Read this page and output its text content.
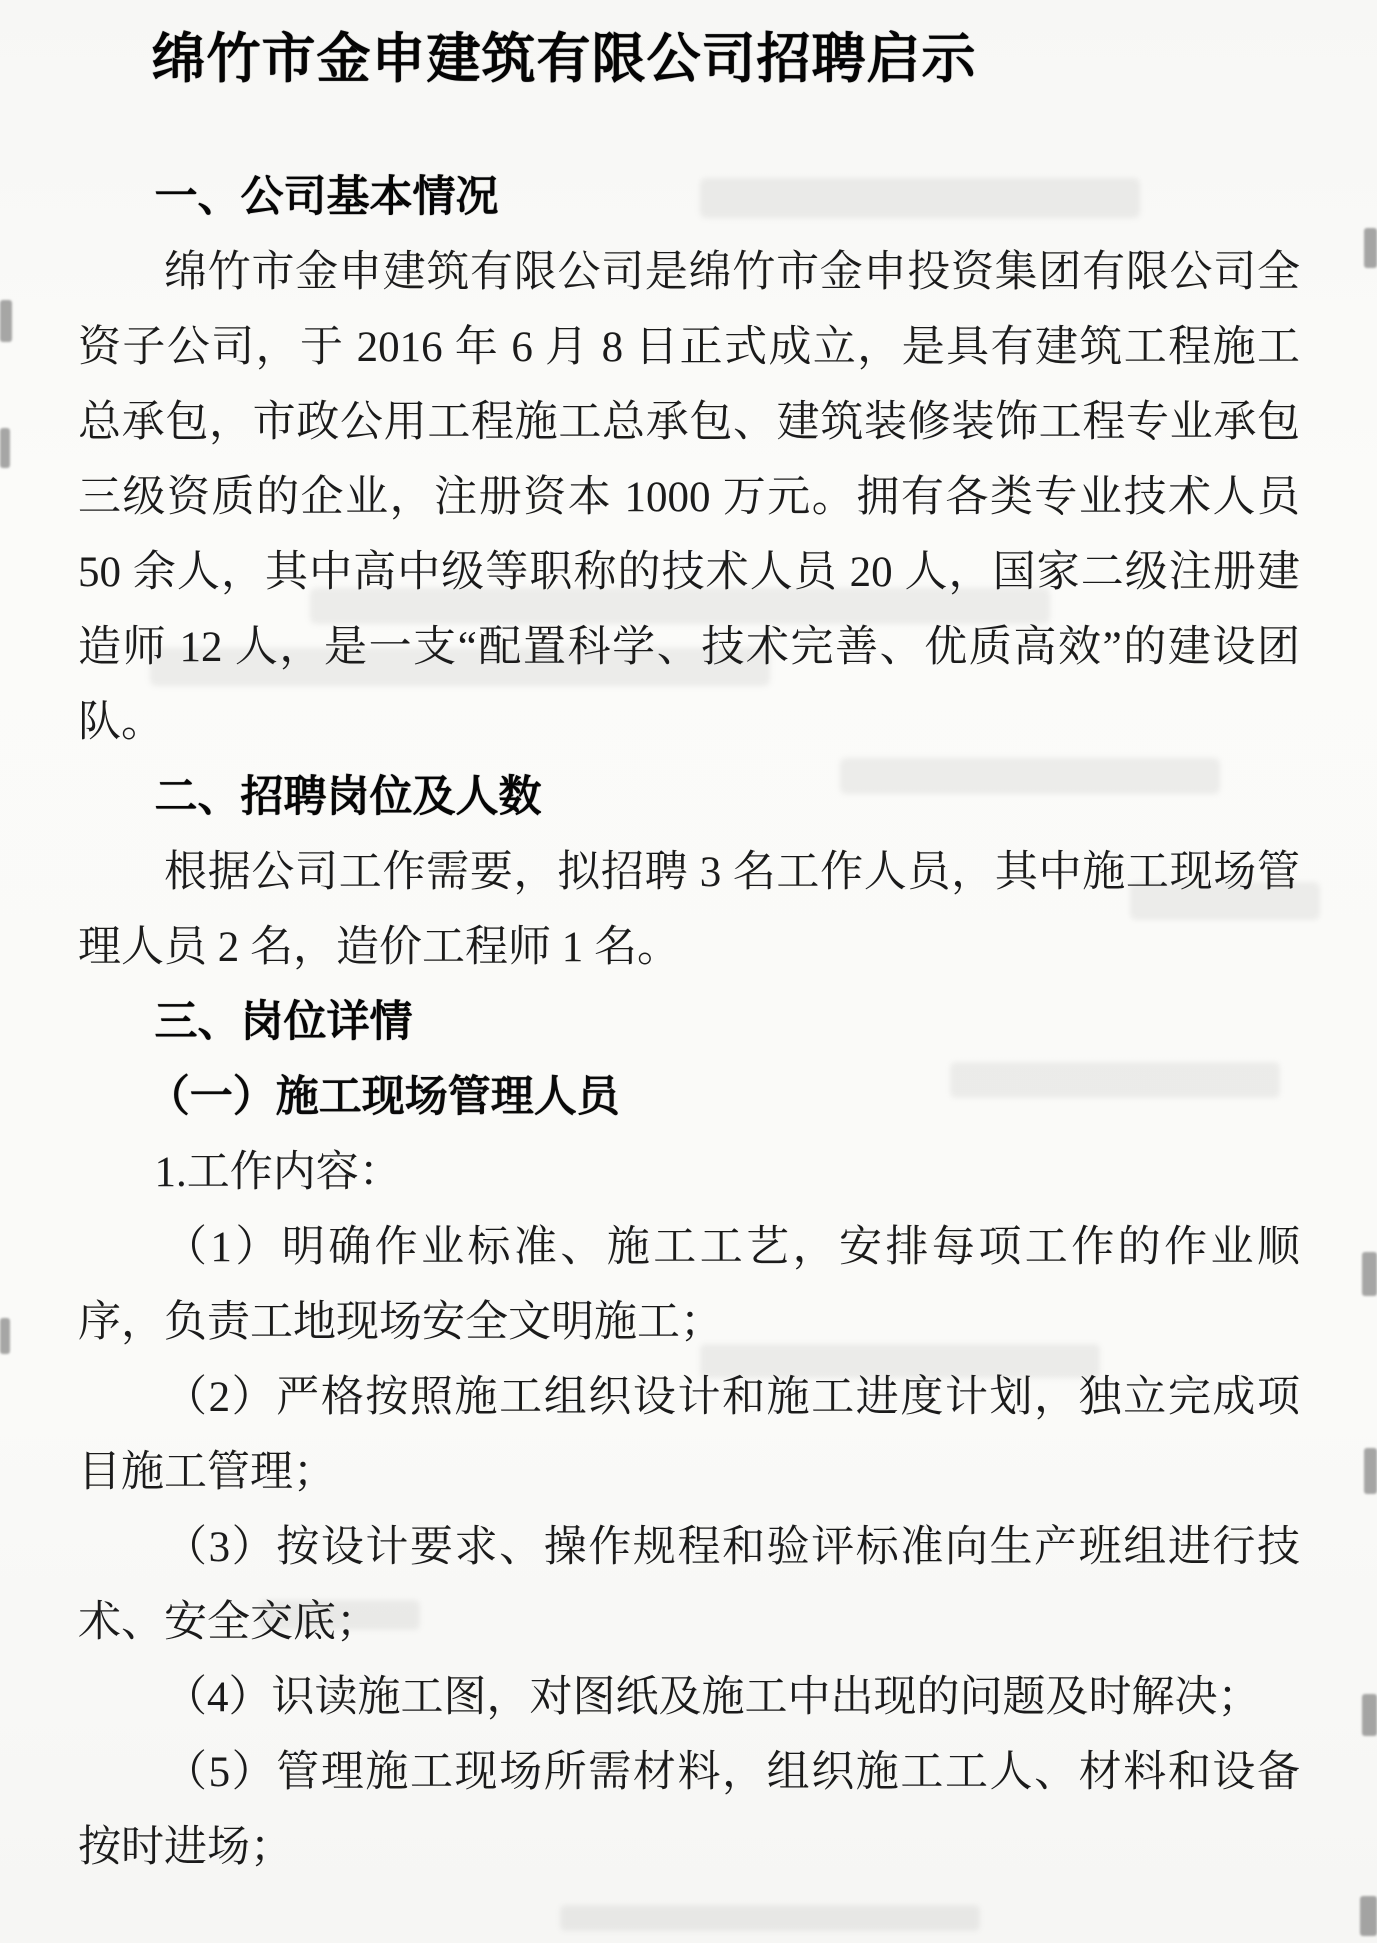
绵竹市金申建筑有限公司招聘启示
一、公司基本情况

绵竹市金申建筑有限公司是绵竹市金申投资集团有限公司全资子公司，于 2016 年 6 月 8 日正式成立，是具有建筑工程施工总承包，市政公用工程施工总承包、建筑装修装饰工程专业承包三级资质的企业，注册资本 1000 万元。拥有各类专业技术人员 50 余人，其中高中级等职称的技术人员 20 人，国家二级注册建造师 12 人，是一支“配置科学、技术完善、优质高效”的建设团队。

二、招聘岗位及人数

根据公司工作需要，拟招聘 3 名工作人员，其中施工现场管理人员 2 名，造价工程师 1 名。

三、岗位详情

（一）施工现场管理人员

1.工作内容：

（1）明确作业标准、施工工艺，安排每项工作的作业顺序，负责工地现场安全文明施工；

（2）严格按照施工组织设计和施工进度计划，独立完成项目施工管理；

（3）按设计要求、操作规程和验评标准向生产班组进行技术、安全交底；

（4）识读施工图，对图纸及施工中出现的问题及时解决；

（5）管理施工现场所需材料，组织施工工人、材料和设备按时进场；
